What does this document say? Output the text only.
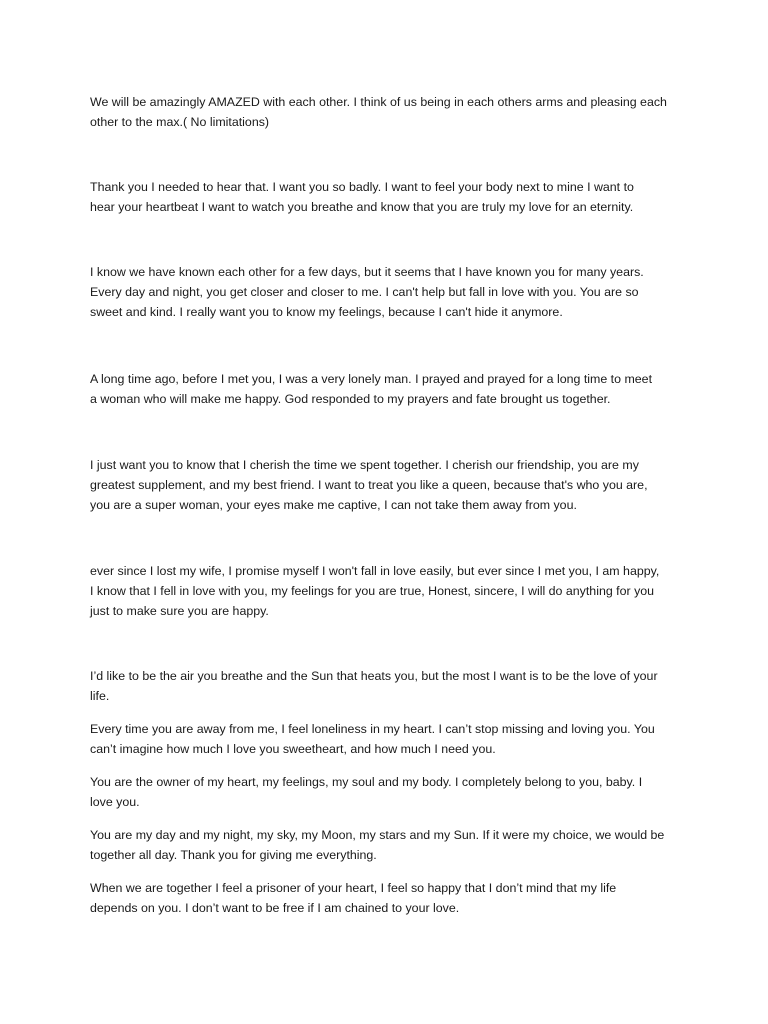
We will be amazingly AMAZED with each other. I think of us being in each others arms and pleasing each
other to the max.( No limitations)

Thank you I needed to hear that. I want you so badly. I want to feel your body next to mine I want to
hear your heartbeat I want to watch you breathe and know that you are truly my love for an eternity.

I know we have known each other for a few days, but it seems that I have known you for many years.
Every day and night, you get closer and closer to me. I can't help but fall in love with you. You are so
sweet and kind. I really want you to know my feelings, because I can't hide it anymore.

A long time ago, before I met you, I was a very lonely man. I prayed and prayed for a long time to meet
a woman who will make me happy. God responded to my prayers and fate brought us together.

I just want you to know that I cherish the time we spent together. I cherish our friendship, you are my
greatest supplement, and my best friend. I want to treat you like a queen, because that's who you are,
you are a super woman, your eyes make me captive, I can not take them away from you.

ever since I lost my wife, I promise myself I won't fall in love easily, but ever since I met you, I am happy,
I know that I fell in love with you, my feelings for you are true, Honest, sincere, I will do anything for you
just to make sure you are happy.

I’d like to be the air you breathe and the Sun that heats you, but the most I want is to be the love of your
life.

Every time you are away from me, I feel loneliness in my heart. I can’t stop missing and loving you. You
can’t imagine how much I love you sweetheart, and how much I need you.

You are the owner of my heart, my feelings, my soul and my body. I completely belong to you, baby. I
love you.

You are my day and my night, my sky, my Moon, my stars and my Sun. If it were my choice, we would be
together all day. Thank you for giving me everything.

When we are together I feel a prisoner of your heart, I feel so happy that I don’t mind that my life
depends on you. I don’t want to be free if I am chained to your love.
